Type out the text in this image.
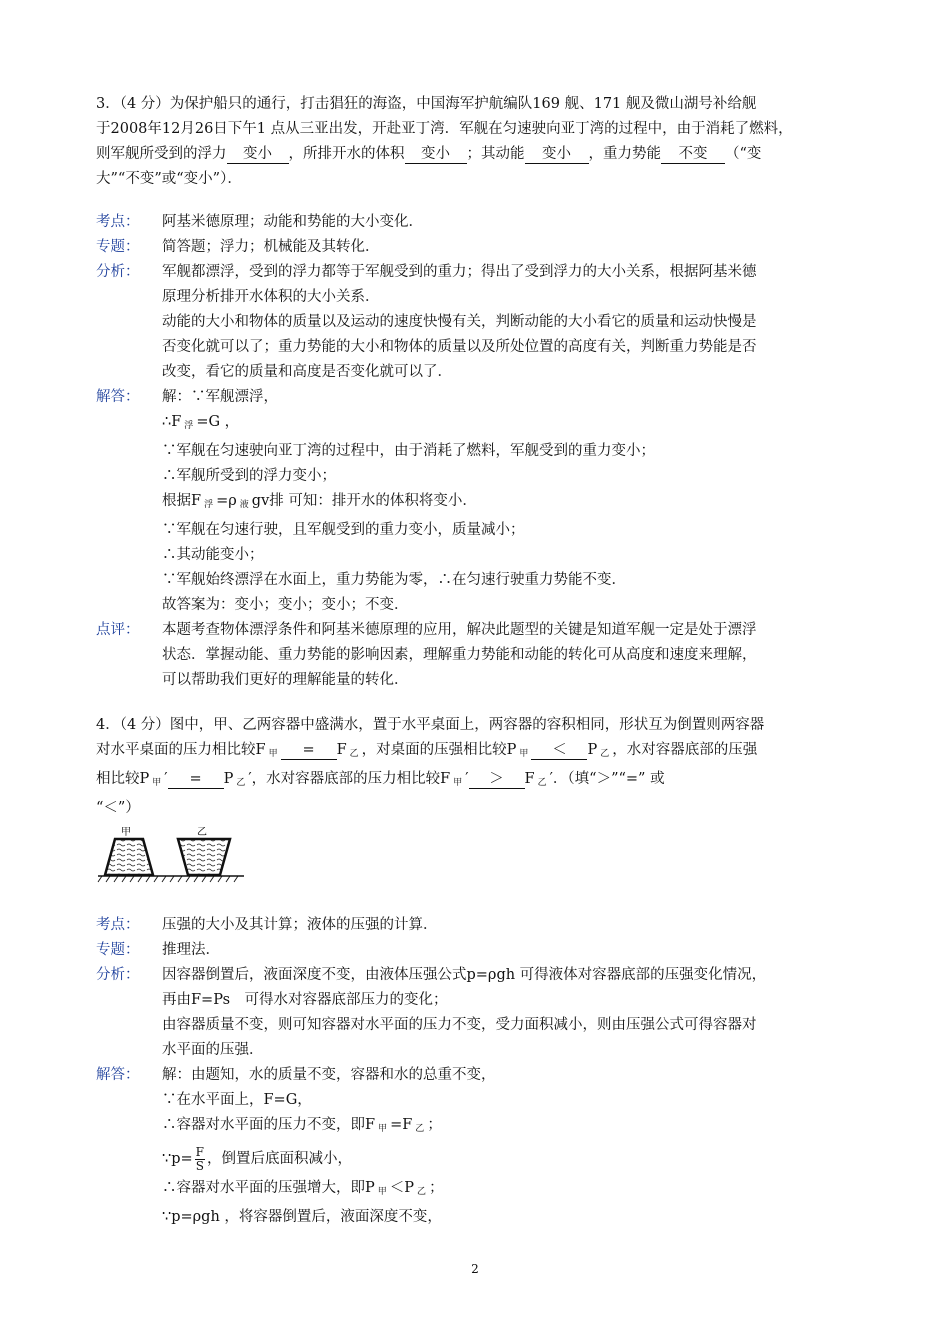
3．（4 分）为保护船只的通行，打击猖狂的海盗，中国海军护航编队169 舰、171 舰及微山湖号补给舰
于2008年12月26日下午1 点从三亚出发，开赴亚丁湾．军舰在匀速驶向亚丁湾的过程中，由于消耗了燃料，
则军舰所受到的浮力 变小 ，所排开水的体积 变小 ；其动能 变小 ，重力势能 不变 （“变
大”“不变”或“变小”）．
考点：	阿基米德原理；动能和势能的大小变化．
专题：	简答题；浮力；机械能及其转化．
分析：	军舰都漂浮，受到的浮力都等于军舰受到的重力；得出了受到浮力的大小关系，根据阿基米德
原理分析排开水体积的大小关系．
动能的大小和物体的质量以及运动的速度快慢有关，判断动能的大小看它的质量和运动快慢是
否变化就可以了；重力势能的大小和物体的质量以及所处位置的高度有关，判断重力势能是否
改变，看它的质量和高度是否变化就可以了．
解答：	解：∵军舰漂浮，
∴F $_浮$ =G ，
∵军舰在匀速驶向亚丁湾的过程中，由于消耗了燃料，军舰受到的重力变小；
∴军舰所受到的浮力变小；
根据F $_浮$ =ρ $_液$ gv排 可知：排开水的体积将变小．
∵军舰在匀速行驶，且军舰受到的重力变小，质量减小；
∴其动能变小；
∵军舰始终漂浮在水面上，重力势能为零，∴在匀速行驶重力势能不变．
故答案为：变小；变小；变小；不变．
点评：	本题考查物体漂浮条件和阿基米德原理的应用，解决此题型的关键是知道军舰一定是处于漂浮
状态．掌握动能、重力势能的影响因素，理解重力势能和动能的转化可从高度和速度来理解，
可以帮助我们更好的理解能量的转化．
4．（4 分）图中，甲、乙两容器中盛满水，置于水平桌面上，两容器的容积相同，形状互为倒置则两容器
对水平桌面的压力相比较F $_甲$ = F $_乙$ ，对桌面的压强相比较P $_甲$ ＜ P $_乙$ ，水对容器底部的压强
相比较P $_甲$ ′ = P $_乙$ ′，水对容器底部的压力相比较F $_甲$ ′ ＞ F $_乙$ ′．（填“＞”“=” 或
“＜”）
甲	乙
考点：	压强的大小及其计算；液体的压强的计算．
专题：	推理法．
分析：	因容器倒置后，液面深度不变，由液体压强公式p=ρgh 可得液体对容器底部的压强变化情况，
再由F=Ps　可得水对容器底部压力的变化；
由容器质量不变，则可知容器对水平面的压力不变，受力面积减小，则由压强公式可得容器对
水平面的压强．
解答：	解：由题知，水的质量不变，容器和水的总重不变，
∵在水平面上，F=G，
∴容器对水平面的压力不变，即F $_甲$ =F $_乙$ ；
∵p= $\frac{F}{S}$ ，倒置后底面积减小，
∴容器对水平面的压强增大，即P $_甲$ ＜P $_乙$ ；
∵p=ρgh ，将容器倒置后，液面深度不变，
2
